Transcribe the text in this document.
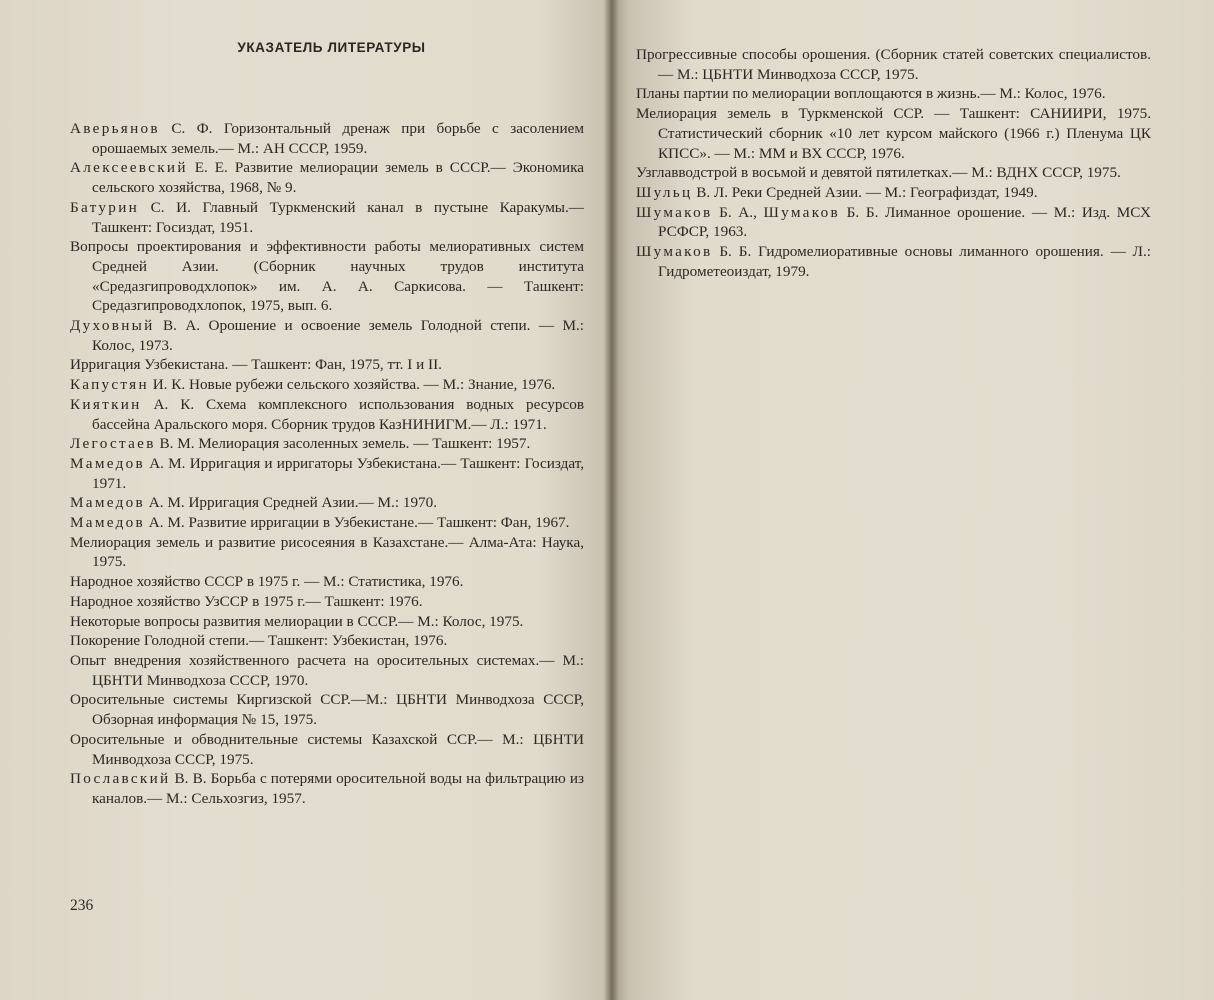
УКАЗАТЕЛЬ ЛИТЕРАТУРЫ
Аверьянов С. Ф. Горизонтальный дренаж при борьбе с засолением орошаемых земель.— М.: АН СССР, 1959.
Алексеевский Е. Е. Развитие мелиорации земель в СССР.— Экономика сельского хозяйства, 1968, № 9.
Батурин С. И. Главный Туркменский канал в пустыне Каракумы.— Ташкент: Госиздат, 1951.
Вопросы проектирования и эффективности работы мелиоративных систем Средней Азии. (Сборник научных трудов института «Средазгипроводхлопок» им. А. А. Саркисова. — Ташкент: Средазгипроводхлопок, 1975, вып. 6.
Духовный В. А. Орошение и освоение земель Голодной степи. — М.: Колос, 1973.
Ирригация Узбекистана. — Ташкент: Фан, 1975, тт. I и II.
Капустян И. К. Новые рубежи сельского хозяйства. — М.: Знание, 1976.
Кияткин А. К. Схема комплексного использования водных ресурсов бассейна Аральского моря. Сборник трудов КазНИНИГМ.— Л.: 1971.
Легостаев В. М. Мелиорация засоленных земель. — Ташкент: 1957.
Мамедов А. М. Ирригация и ирригаторы Узбекистана.— Ташкент: Госиздат, 1971.
Мамедов А. М. Ирригация Средней Азии.— М.: 1970.
Мамедов А. М. Развитие ирригации в Узбекистане.— Ташкент: Фан, 1967.
Мелиорация земель и развитие рисосеяния в Казахстане.— Алма-Ата: Наука, 1975.
Народное хозяйство СССР в 1975 г. — М.: Статистика, 1976.
Народное хозяйство УзССР в 1975 г.— Ташкент: 1976.
Некоторые вопросы развития мелиорации в СССР.— М.: Колос, 1975.
Покорение Голодной степи.— Ташкент: Узбекистан, 1976.
Опыт внедрения хозяйственного расчета на оросительных системах.— М.: ЦБНТИ Минводхоза СССР, 1970.
Оросительные системы Киргизской ССР.—М.: ЦБНТИ Минводхоза СССР, Обзорная информация № 15, 1975.
Оросительные и обводнительные системы Казахской ССР.— М.: ЦБНТИ Минводхоза СССР, 1975.
Пославский В. В. Борьба с потерями оросительной воды на фильтрацию из каналов.— М.: Сельхозгиз, 1957.
236
Прогрессивные способы орошения. (Сборник статей советских специалистов.— М.: ЦБНТИ Минводхоза СССР, 1975.
Планы партии по мелиорации воплощаются в жизнь.— М.: Колос, 1976.
Мелиорация земель в Туркменской ССР. — Ташкент: САНИИРИ, 1975. Статистический сборник «10 лет курсом майского (1966 г.) Пленума ЦК КПСС». — М.: ММ и ВХ СССР, 1976.
Узглавводстрой в восьмой и девятой пятилетках.— М.: ВДНХ СССР, 1975.
Шульц В. Л. Реки Средней Азии. — М.: Географиздат, 1949.
Шумаков Б. А., Шумаков Б. Б. Лиманное орошение. — М.: Изд. МСХ РСФСР, 1963.
Шумаков Б. Б. Гидромелиоративные основы лиманного орошения. — Л.: Гидрометеоиздат, 1979.
